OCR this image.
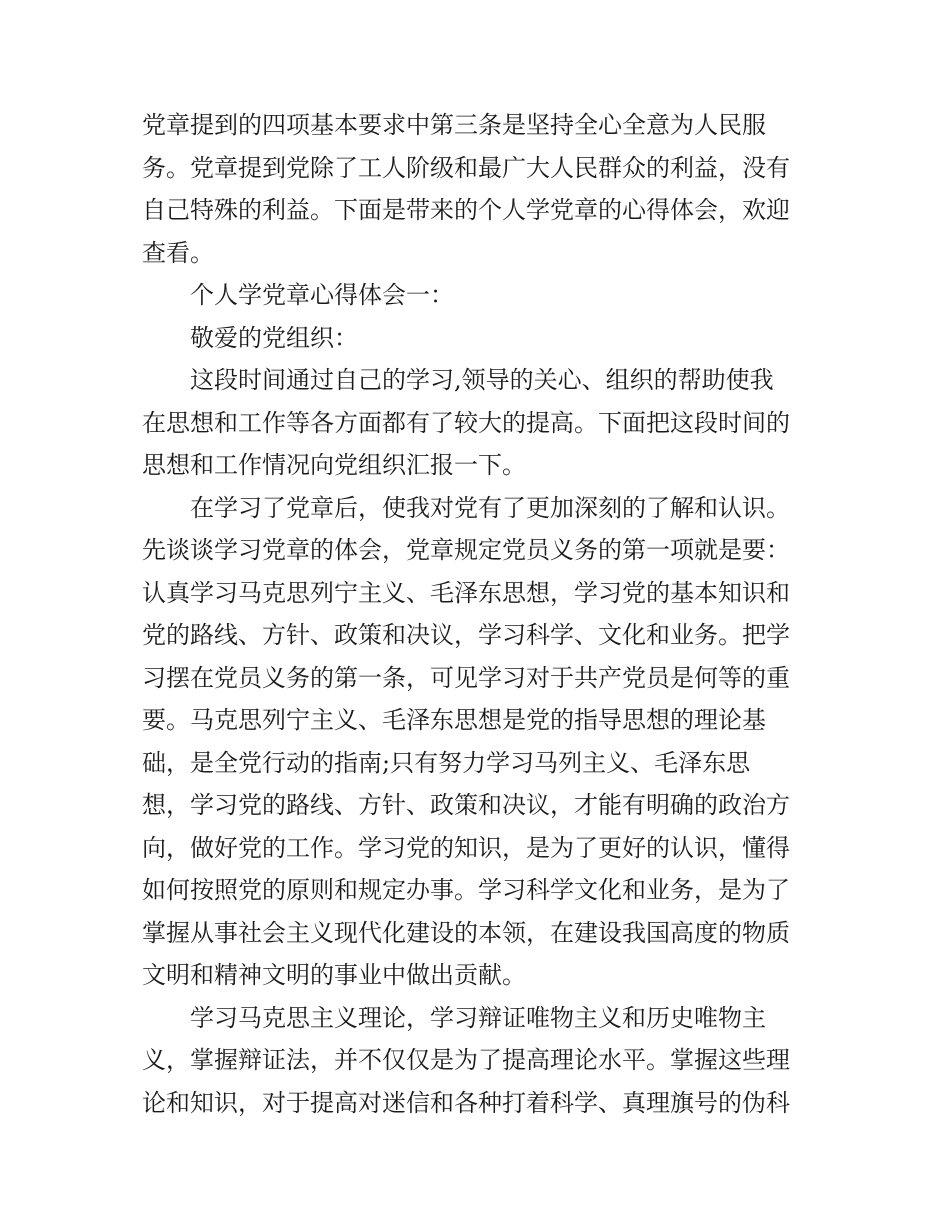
党章提到的四项基本要求中第三条是坚持全心全意为人民服
务。党章提到党除了工人阶级和最广大人民群众的利益，没有
自己特殊的利益。下面是带来的个人学党章的心得体会，欢迎
查看。
个人学党章心得体会一：
敬爱的党组织：
这段时间通过自己的学习,领导的关心、组织的帮助使我
在思想和工作等各方面都有了较大的提高。下面把这段时间的
思想和工作情况向党组织汇报一下。
在学习了党章后，使我对党有了更加深刻的了解和认识。
先谈谈学习党章的体会，党章规定党员义务的第一项就是要：
认真学习马克思列宁主义、毛泽东思想，学习党的基本知识和
党的路线、方针、政策和决议，学习科学、文化和业务。把学
习摆在党员义务的第一条，可见学习对于共产党员是何等的重
要。马克思列宁主义、毛泽东思想是党的指导思想的理论基
础，是全党行动的指南;只有努力学习马列主义、毛泽东思
想，学习党的路线、方针、政策和决议，才能有明确的政治方
向，做好党的工作。学习党的知识，是为了更好的认识，懂得
如何按照党的原则和规定办事。学习科学文化和业务，是为了
掌握从事社会主义现代化建设的本领，在建设我国高度的物质
文明和精神文明的事业中做出贡献。
学习马克思主义理论，学习辩证唯物主义和历史唯物主
义，掌握辩证法，并不仅仅是为了提高理论水平。掌握这些理
论和知识，对于提高对迷信和各种打着科学、真理旗号的伪科
